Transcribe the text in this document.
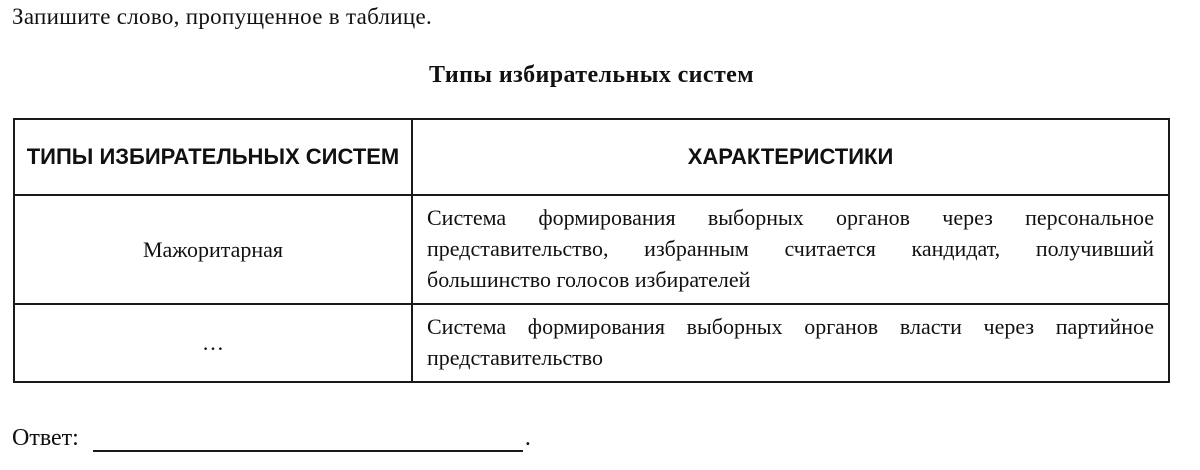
Запишите слово, пропущенное в таблице.
Типы избирательных систем
ТИПЫ ИЗБИРАТЕЛЬНЫХ СИСТЕМ	ХАРАКТЕРИСТИКИ
Мажоритарная	Система формирования выборных органов через персональное представительство, избранным считается кандидат, получивший большинство голосов избирателей
…	Система формирования выборных органов власти через партийное представительство
Ответ:	.
